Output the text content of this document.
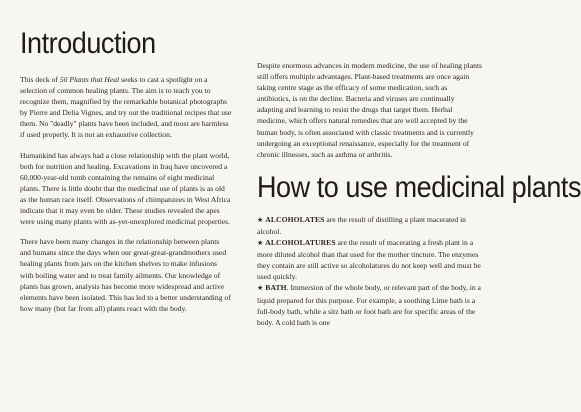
Introduction

This deck of 50 Plants that Heal seeks to cast a spotlight on a selection of common healing plants. The aim is to teach you to recognize them, magnified by the remarkable botanical photographs by Pierre and Delia Vignes, and try out the traditional recipes that use them. No "deadly" plants have been included, and most are harmless if used properly. It is not an exhaustive collection.

Humankind has always had a close relationship with the plant world, both for nutrition and healing. Excavations in Iraq have uncovered a 60,000-year-old tomb containing the remains of eight medicinal plants. There is little doubt that the medicinal use of plants is as old as the human race itself. Observations of chimpanzees in West Africa indicate that it may even be older. These studies revealed the apes were using many plants with as-yet-unexplored medicinal properties.

There have been many changes in the relationship between plants and humans since the days when our great-great-grandmothers used healing plants from jars on the kitchen shelves to make infusions with boiling water and to treat family ailments. Our knowledge of plants has grown, analysis has become more widespread and active elements have been isolated. This has led to a better understanding of how many (but far from all) plants react with the body.

Despite enormous advances in modern medicine, the use of healing plants still offers multiple advantages. Plant-based treatments are once again taking centre stage as the efficacy of some medication, such as antibiotics, is on the decline. Bacteria and viruses are continually adapting and learning to resist the drugs that target them. Herbal medicine, which offers natural remedies that are well accepted by the human body, is often associated with classic treatments and is currently undergoing an exceptional renaissance, especially for the treatment of chronic illnesses, such as asthma or arthritis.

How to use medicinal plants
★ ALCOHOLATES are the result of distilling a plant macerated in alcohol.
★ ALCOHOLATURES are the result of macerating a fresh plant in a more diluted alcohol than that used for the mother tincture. The enzymes they contain are still active so alcoholatures do not keep well and must be used quickly.
★ BATH. Immersion of the whole body, or relevant part of the body, in a liquid prepared for this purpose. For example, a soothing Lime bath is a full-body bath, while a sitz bath or foot bath are for specific areas of the body. A cold bath is one
